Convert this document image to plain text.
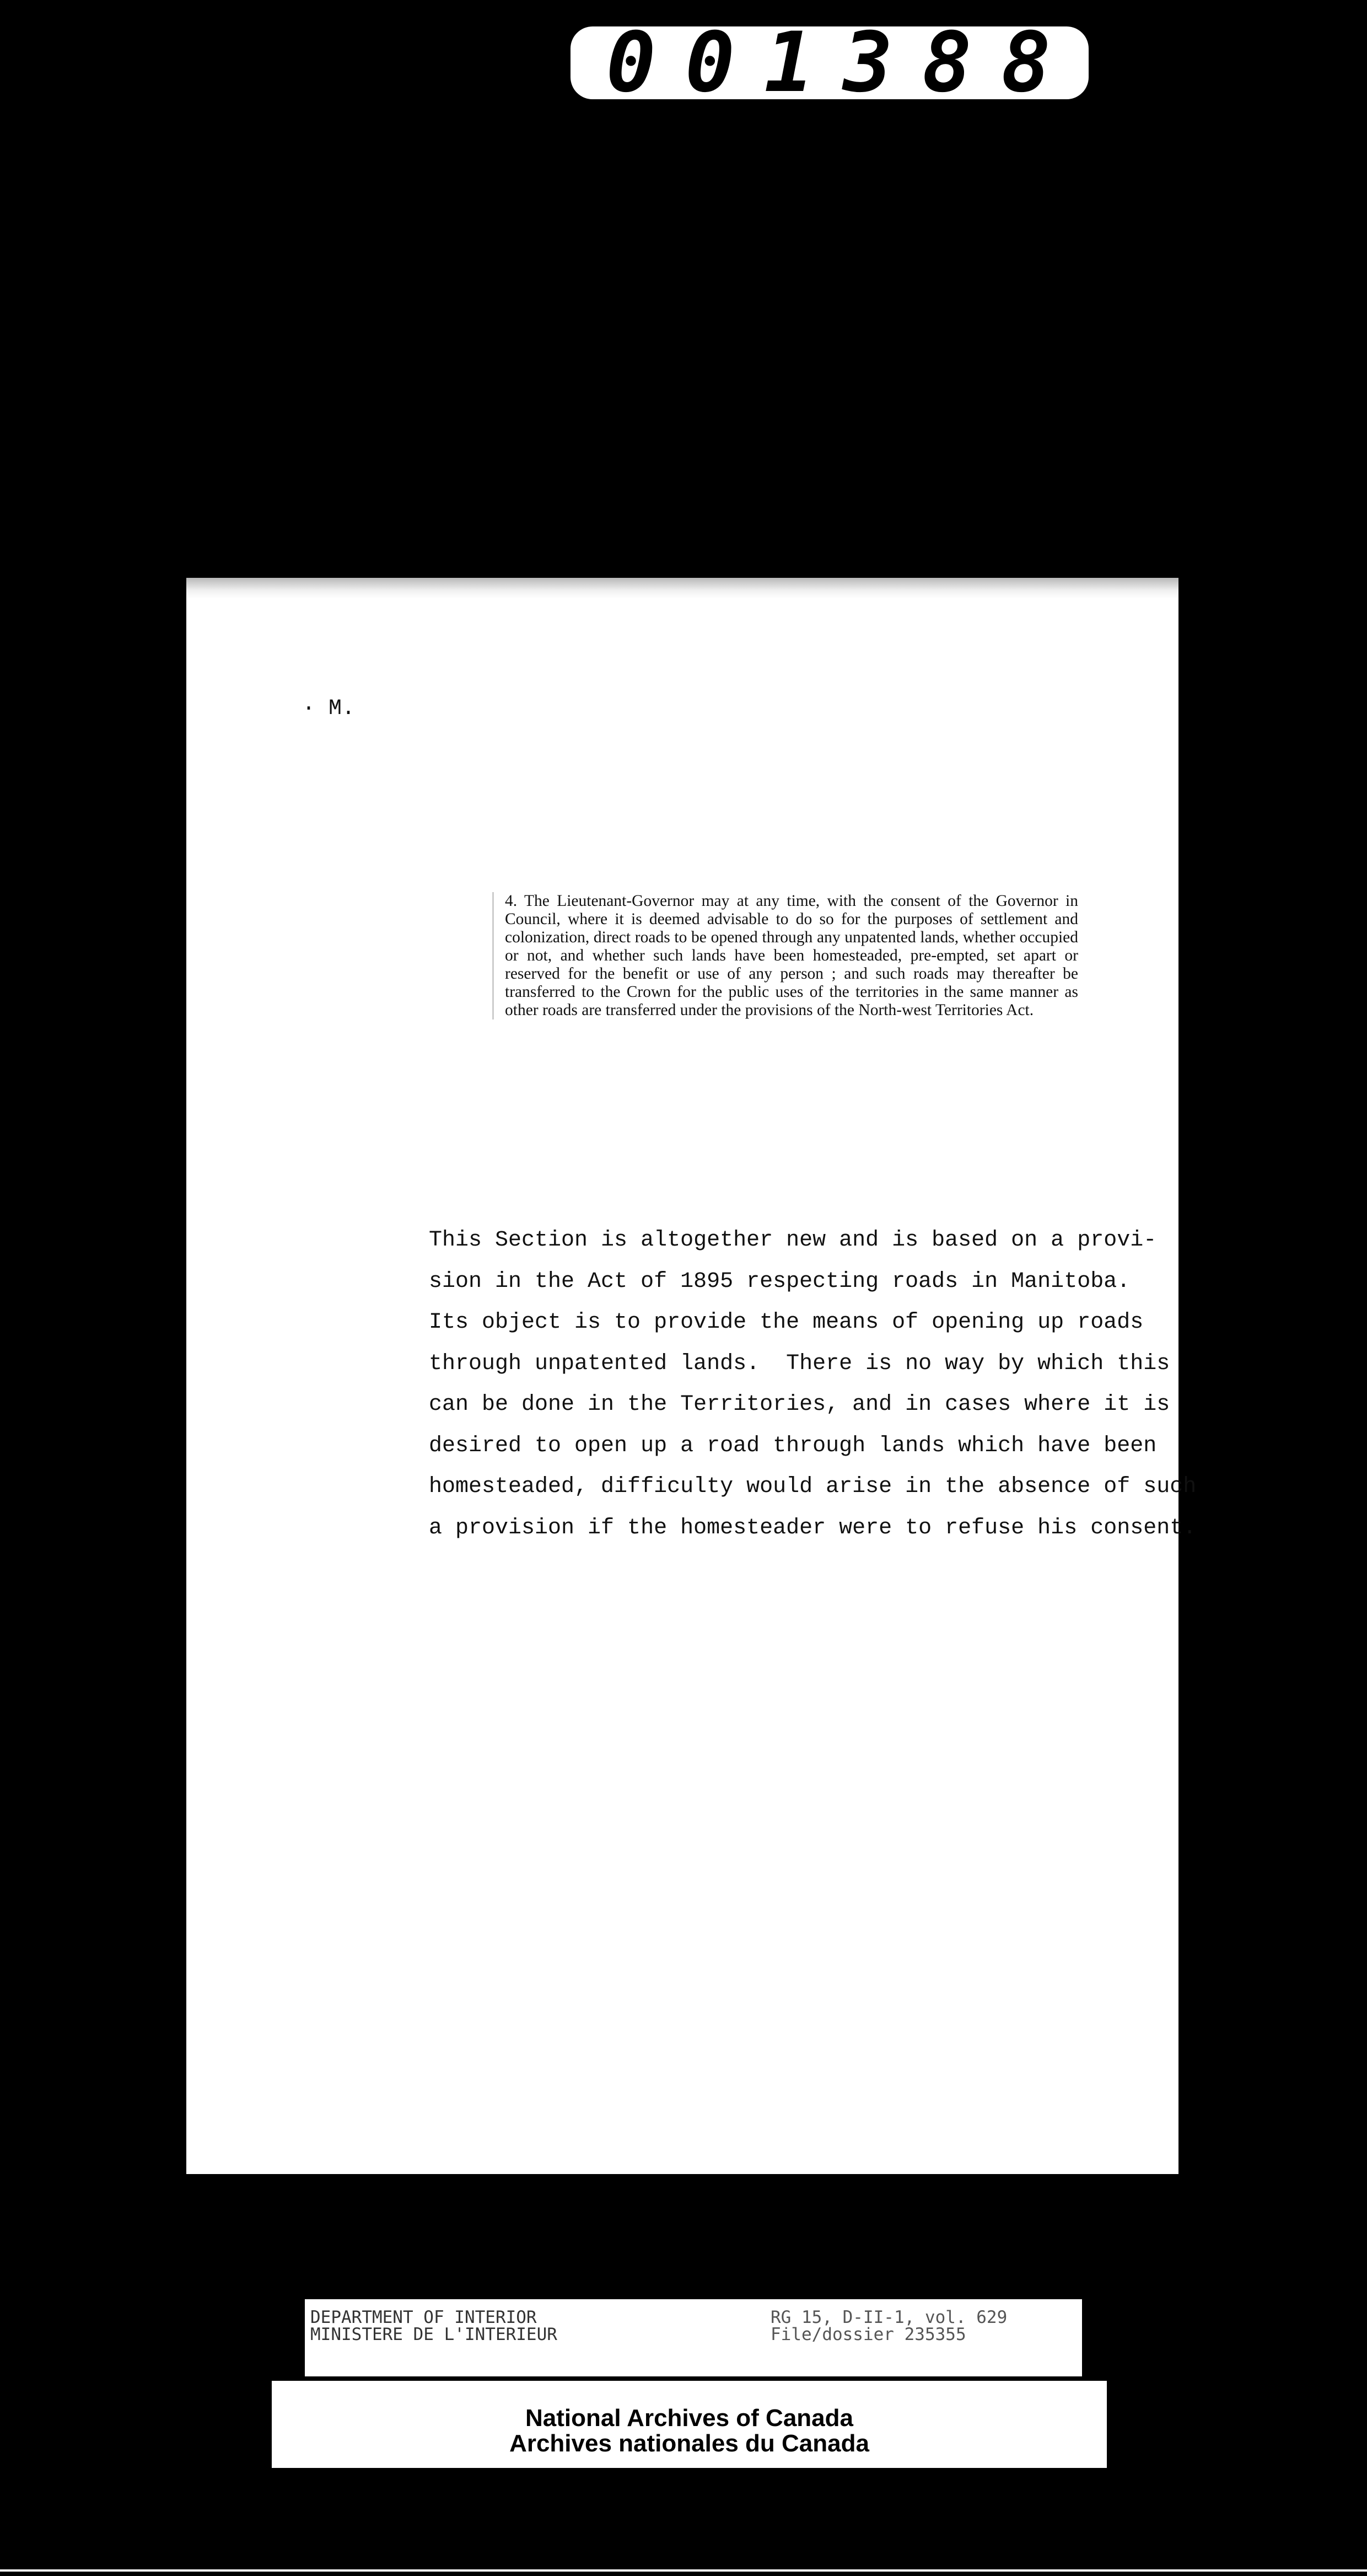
0 0 1 3 8 8
· M.
4. The Lieutenant-Governor may at any time, with the consent of the Governor in Council, where it is deemed advisable to do so for the purposes of settlement and colonization, direct roads to be opened through any unpatented lands, whether occupied or not, and whether such lands have been homesteaded, pre-empted, set apart or reserved for the benefit or use of any person ; and such roads may thereafter be transferred to the Crown for the public uses of the territories in the same manner as other roads are transferred under the provisions of the North-west Territories Act.
This Section is altogether new and is based on a provi-
sion in the Act of 1895 respecting roads in Manitoba.
Its object is to provide the means of opening up roads
through unpatented lands.  There is no way by which this
can be done in the Territories, and in cases where it is
desired to open up a road through lands which have been
homesteaded, difficulty would arise in the absence of such
a provision if the homesteader were to refuse his consent.
DEPARTMENT OF INTERIOR
MINISTERE DE L'INTERIEUR
RG 15, D-II-1, vol. 629
File/dossier 235355
National Archives of Canada
Archives nationales du Canada
